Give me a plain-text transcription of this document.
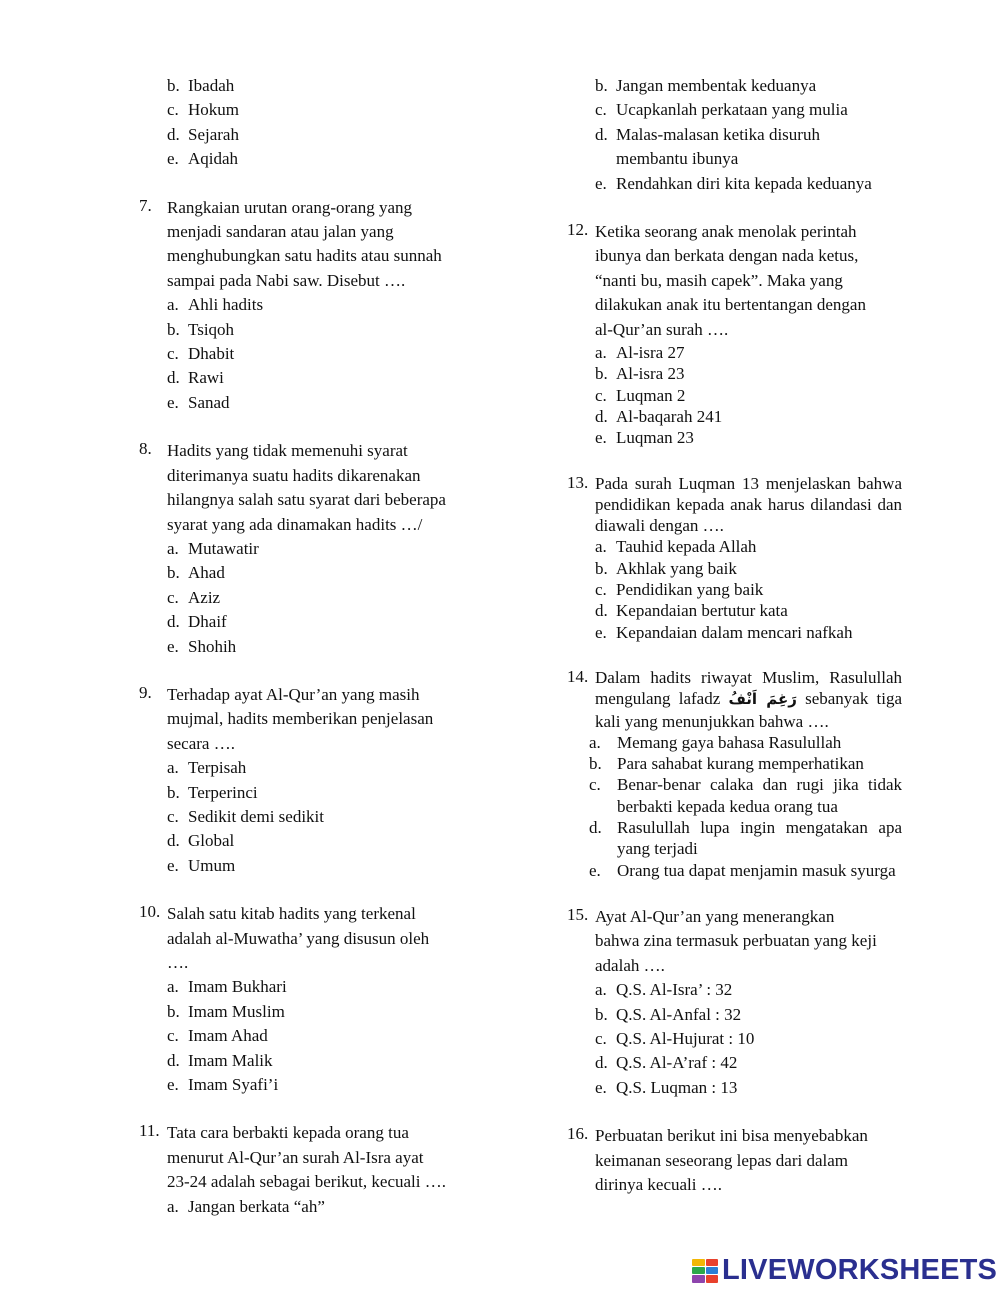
b. Ibadah
c. Hokum
d. Sejarah
e. Aqidah
7. Rangkaian urutan orang-orang yang
menjadi sandaran atau jalan yang
menghubungkan satu hadits atau sunnah
sampai pada Nabi saw. Disebut ….
a. Ahli hadits
b. Tsiqoh
c. Dhabit
d. Rawi
e. Sanad
8. Hadits yang tidak memenuhi syarat
diterimanya suatu hadits dikarenakan
hilangnya salah satu syarat dari beberapa
syarat yang ada dinamakan hadits …/
a. Mutawatir
b. Ahad
c. Aziz
d. Dhaif
e. Shohih
9. Terhadap ayat Al-Qur’an yang masih
mujmal, hadits memberikan penjelasan
secara ….
a. Terpisah
b. Terperinci
c. Sedikit demi sedikit
d. Global
e. Umum
10. Salah satu kitab hadits yang terkenal
adalah al-Muwatha’ yang disusun oleh
….
a. Imam Bukhari
b. Imam Muslim
c. Imam Ahad
d. Imam Malik
e. Imam Syafi’i
11. Tata cara berbakti kepada orang tua
menurut Al-Qur’an surah Al-Isra ayat
23-24 adalah sebagai berikut, kecuali ….
a. Jangan berkata “ah”
b. Jangan membentak keduanya
c. Ucapkanlah perkataan yang mulia
d. Malas-malasan ketika disuruh membantu ibunya
e. Rendahkan diri kita kepada keduanya
12. Ketika seorang anak menolak perintah
ibunya dan berkata dengan nada ketus,
“nanti bu, masih capek”. Maka yang
dilakukan anak itu bertentangan dengan
al-Qur’an surah ….
a. Al-isra 27
b. Al-isra 23
c. Luqman 2
d. Al-baqarah 241
e. Luqman 23
13. Pada surah Luqman 13 menjelaskan bahwa pendidikan kepada anak harus dilandasi dan diawali dengan ….
a. Tauhid kepada Allah
b. Akhlak yang baik
c. Pendidikan yang baik
d. Kepandaian bertutur kata
e. Kepandaian dalam mencari nafkah
14. Dalam hadits riwayat Muslim, Rasulullah mengulang lafadz رَغِمَ اَنْفُ sebanyak tiga kali yang menunjukkan bahwa ….
a. Memang gaya bahasa Rasulullah
b. Para sahabat kurang memperhatikan
c. Benar-benar calaka dan rugi jika tidak berbakti kepada kedua orang tua
d. Rasulullah lupa ingin mengatakan apa yang terjadi
e. Orang tua dapat menjamin masuk syurga
15. Ayat Al-Qur’an yang menerangkan
bahwa zina termasuk perbuatan yang keji
adalah ….
a. Q.S. Al-Isra’ : 32
b. Q.S. Al-Anfal : 32
c. Q.S. Al-Hujurat : 10
d. Q.S. Al-A’raf : 42
e. Q.S. Luqman : 13
16. Perbuatan berikut ini bisa menyebabkan
keimanan seseorang lepas dari dalam
dirinya kecuali ….
LIVEWORKSHEETS
